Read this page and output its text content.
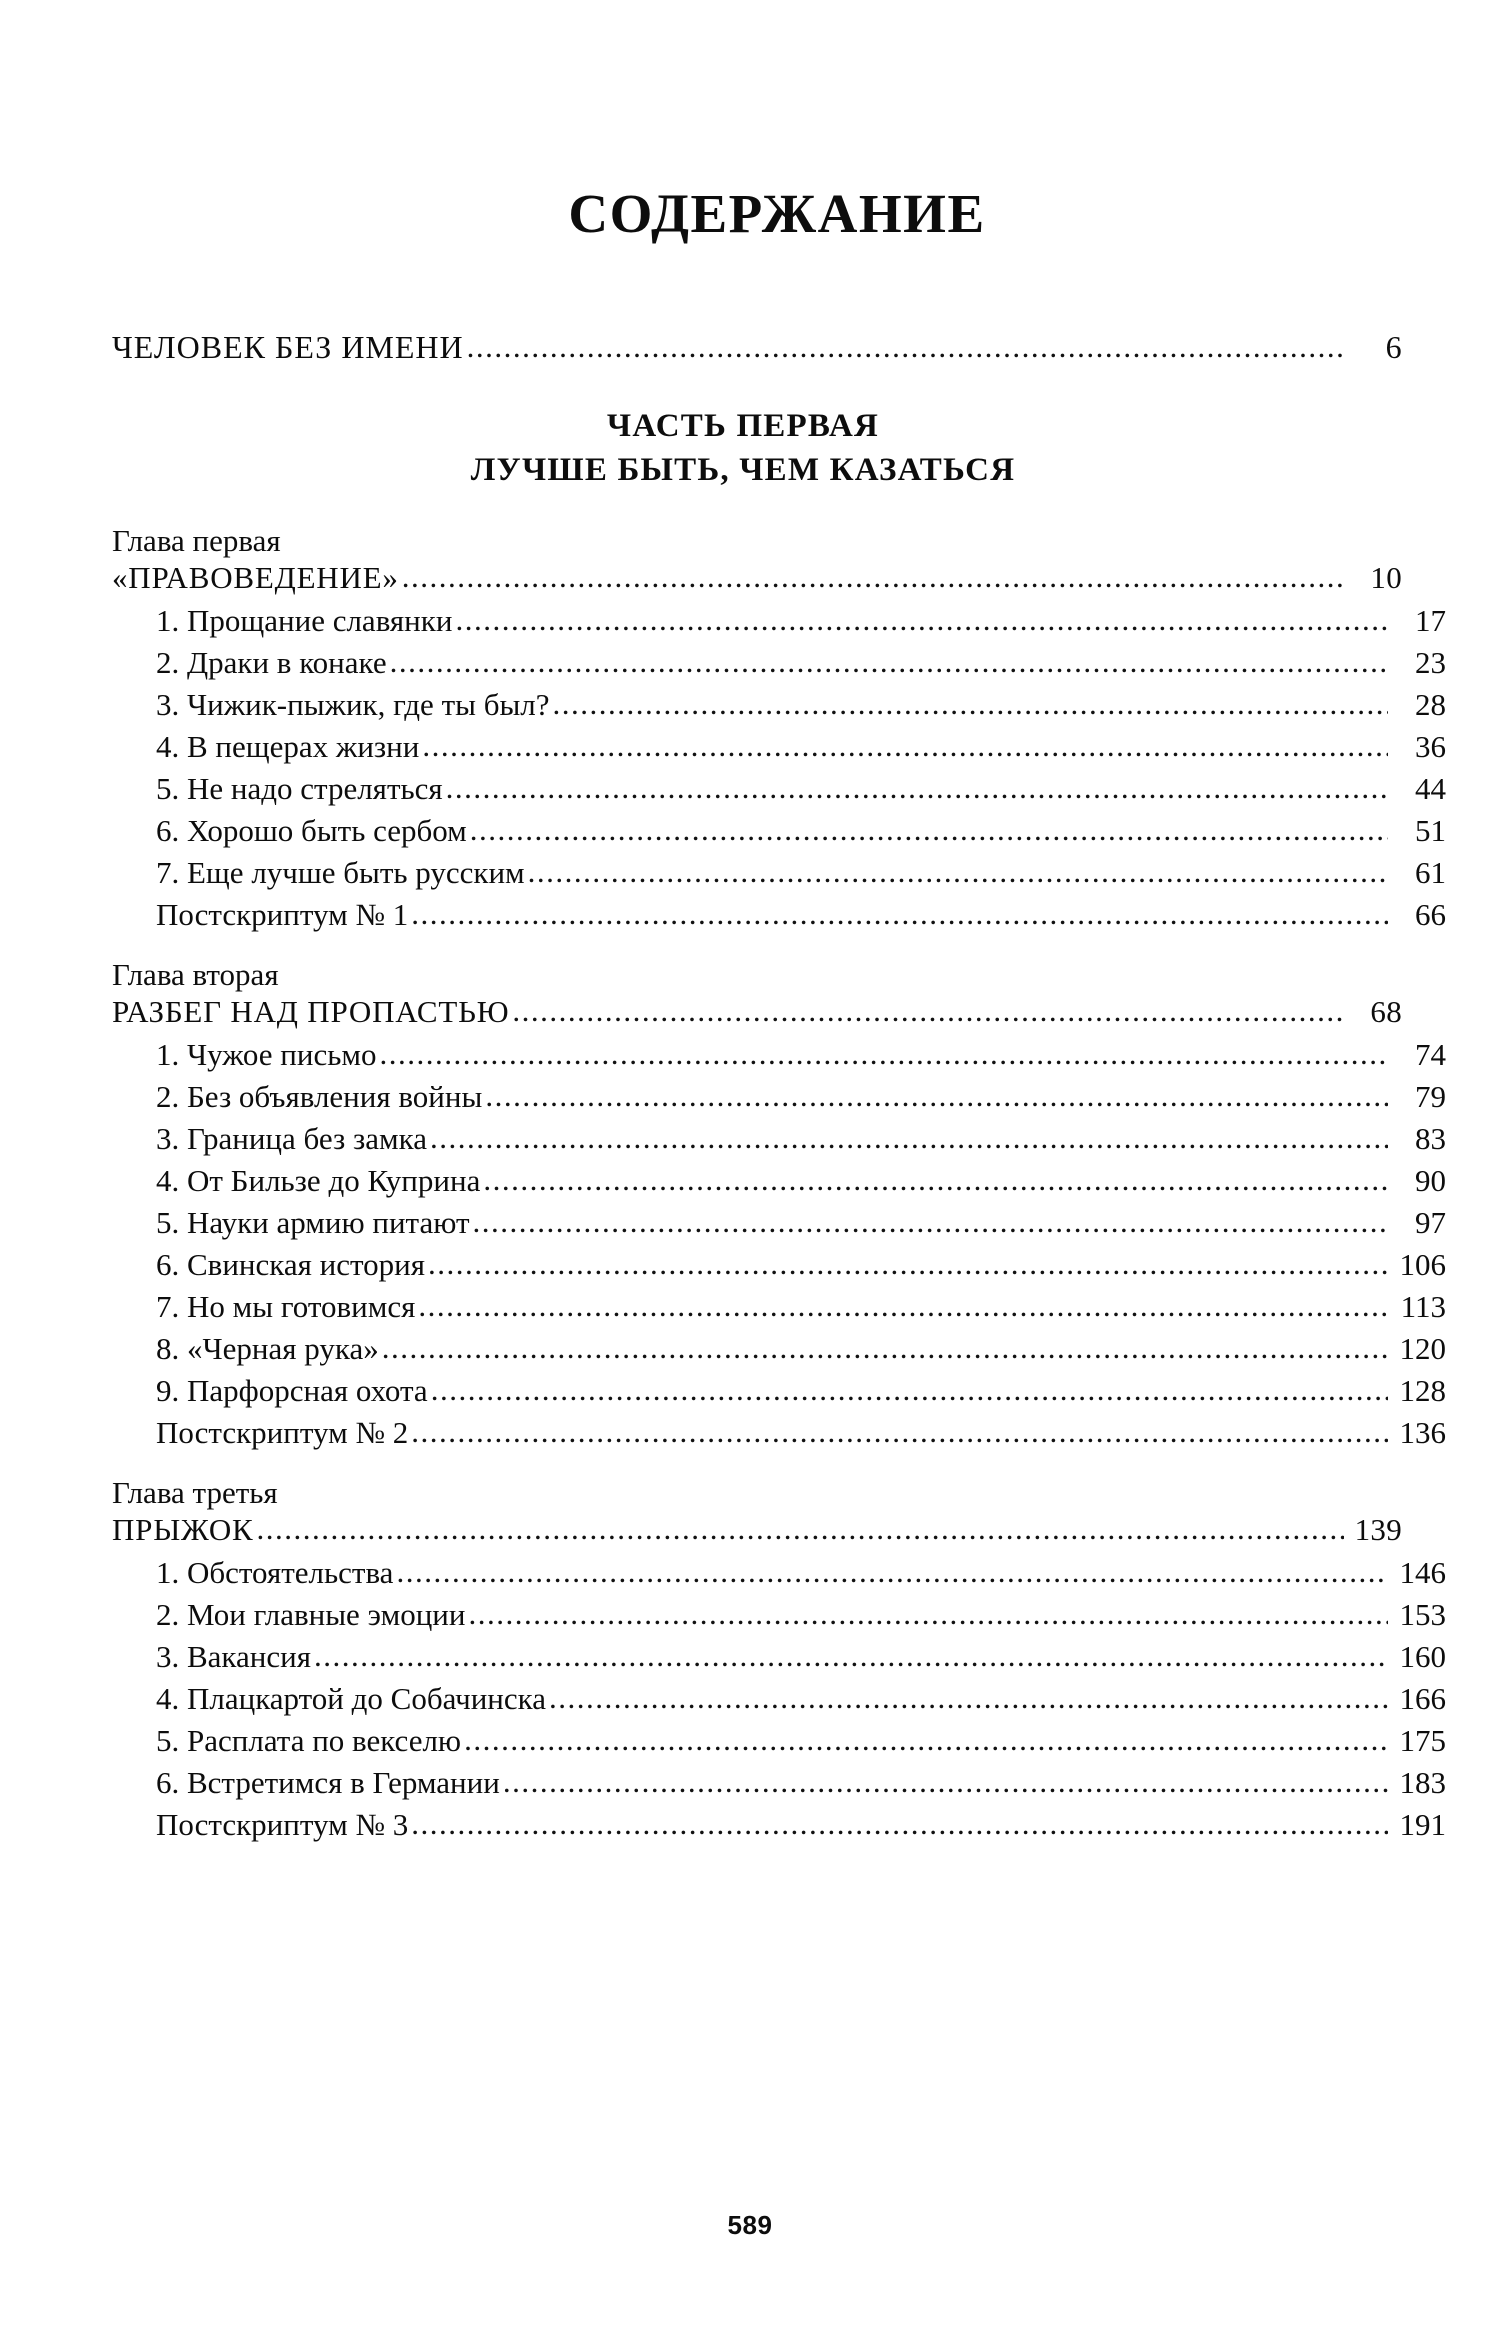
СОДЕРЖАНИЕ
ЧЕЛОВЕК БЕЗ ИМЕНИ .....	6
ЧАСТЬ ПЕРВАЯ
ЛУЧШЕ БЫТЬ, ЧЕМ КАЗАТЬСЯ
Глава первая
«ПРАВОВЕДЕНИЕ» .....	10
1. Прощание славянки .....	17
2. Драки в конаке .....	23
3. Чижик-пыжик, где ты был? .....	28
4. В пещерах жизни .....	36
5. Не надо стреляться .....	44
6. Хорошо быть сербом .....	51
7. Еще лучше быть русским .....	61
Постскриптум № 1 .....	66
Глава вторая
РАЗБЕГ НАД ПРОПАСТЬЮ .....	68
1. Чужое письмо .....	74
2. Без объявления войны .....	79
3. Граница без замка .....	83
4. От Бильзе до Куприна .....	90
5. Науки армию питают .....	97
6. Свинская история .....	106
7. Но мы готовимся .....	113
8. «Черная рука» .....	120
9. Парфорсная охота .....	128
Постскриптум № 2 .....	136
Глава третья
ПРЫЖОК .....	139
1. Обстоятельства .....	146
2. Мои главные эмоции .....	153
3. Вакансия .....	160
4. Плацкартой до Собачинска .....	166
5. Расплата по векселю .....	175
6. Встретимся в Германии .....	183
Постскриптум № 3 .....	191
589
